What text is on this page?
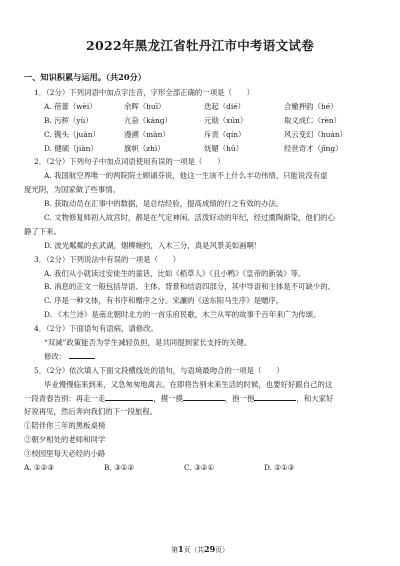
2022年黑龙江省牡丹江市中考语文试卷
一、知识积累与运用。（共20分）
1．（2分）下列词语中加点字注音，字形全部正确的一项是（　　）
A. 蓓蕾（wèi）	余晖（huī）	迭起（dié）	合辙押韵（hé）
B. 污秽（yù）	亢奋（kàng）	元勋（xūn）	取义成仁（rèn）
C. 镌头（juàn）	漫溯（màn）	斥责（qín）	风云变幻（huàn）
D. 健硕（jiàn）	旗帜（zhì）	妩媚（hū）	经世奇才（jīng）
2．（2分）下列句子中加点词语使用有误的一项是（　　）
A. 我国航空界唯一的两院院士顾诵芬说，他这一生该不上什么丰功伟绩，只能说没有虚
度光阴，为国家做了些事情。
B. 获取动员在汇事中的数据，是总结经验，提高成绩的行之有效的办法。
C. 文物修复师初入故宫时，都是在气定神闲、活泼好动的年纪，经过熏陶渐染，他们的心
静了下来。
D. 波光粼粼的玄武湖，烟柳婉约，入木三分，真是风景美如画啊！
3．（2分）下列说法中有误的一项是（　　）
A. 我们从小就读过安徒生的童话，比如《稻草人》《丑小鸭》《皇帝的新装》等。
B. 消息的正文一般包括导语、主体、背景和结语四部分，其中导语和主体是不可缺少的。
C. 序是一种文体，有书序和赠序之分。宋濂的《送东阳马生序》是赠序。
D. 《木兰诗》是南北朝时北方的一首乐府民歌，木兰从军的故事千百年来广为传颂。
4．（2分）下面语句有语病，请修改。
“双减”政策能否为学生减轻负担，是共同提到家长支持的关键。
修改：
5．（2分）依次填入下面文段横线处的语句，与语境最吻合的一项是（　　）
毕业慢慢临来到来，又急匆匆地离去。在即将告别未来生活的时候，也要好好跟自己的这
一段青春告别：再走一走	，摸一摸	，抱一抱	，和大家好
好说再见，然后奔向我们的下一段旅程。
①陪伴你三年的黑板桌椅
②朝夕相处的老师和同学
③校园里每天必经的小路
A. ①②③	B. ③①②	C. ③②①	D. ②①③
第1页（共29页）
